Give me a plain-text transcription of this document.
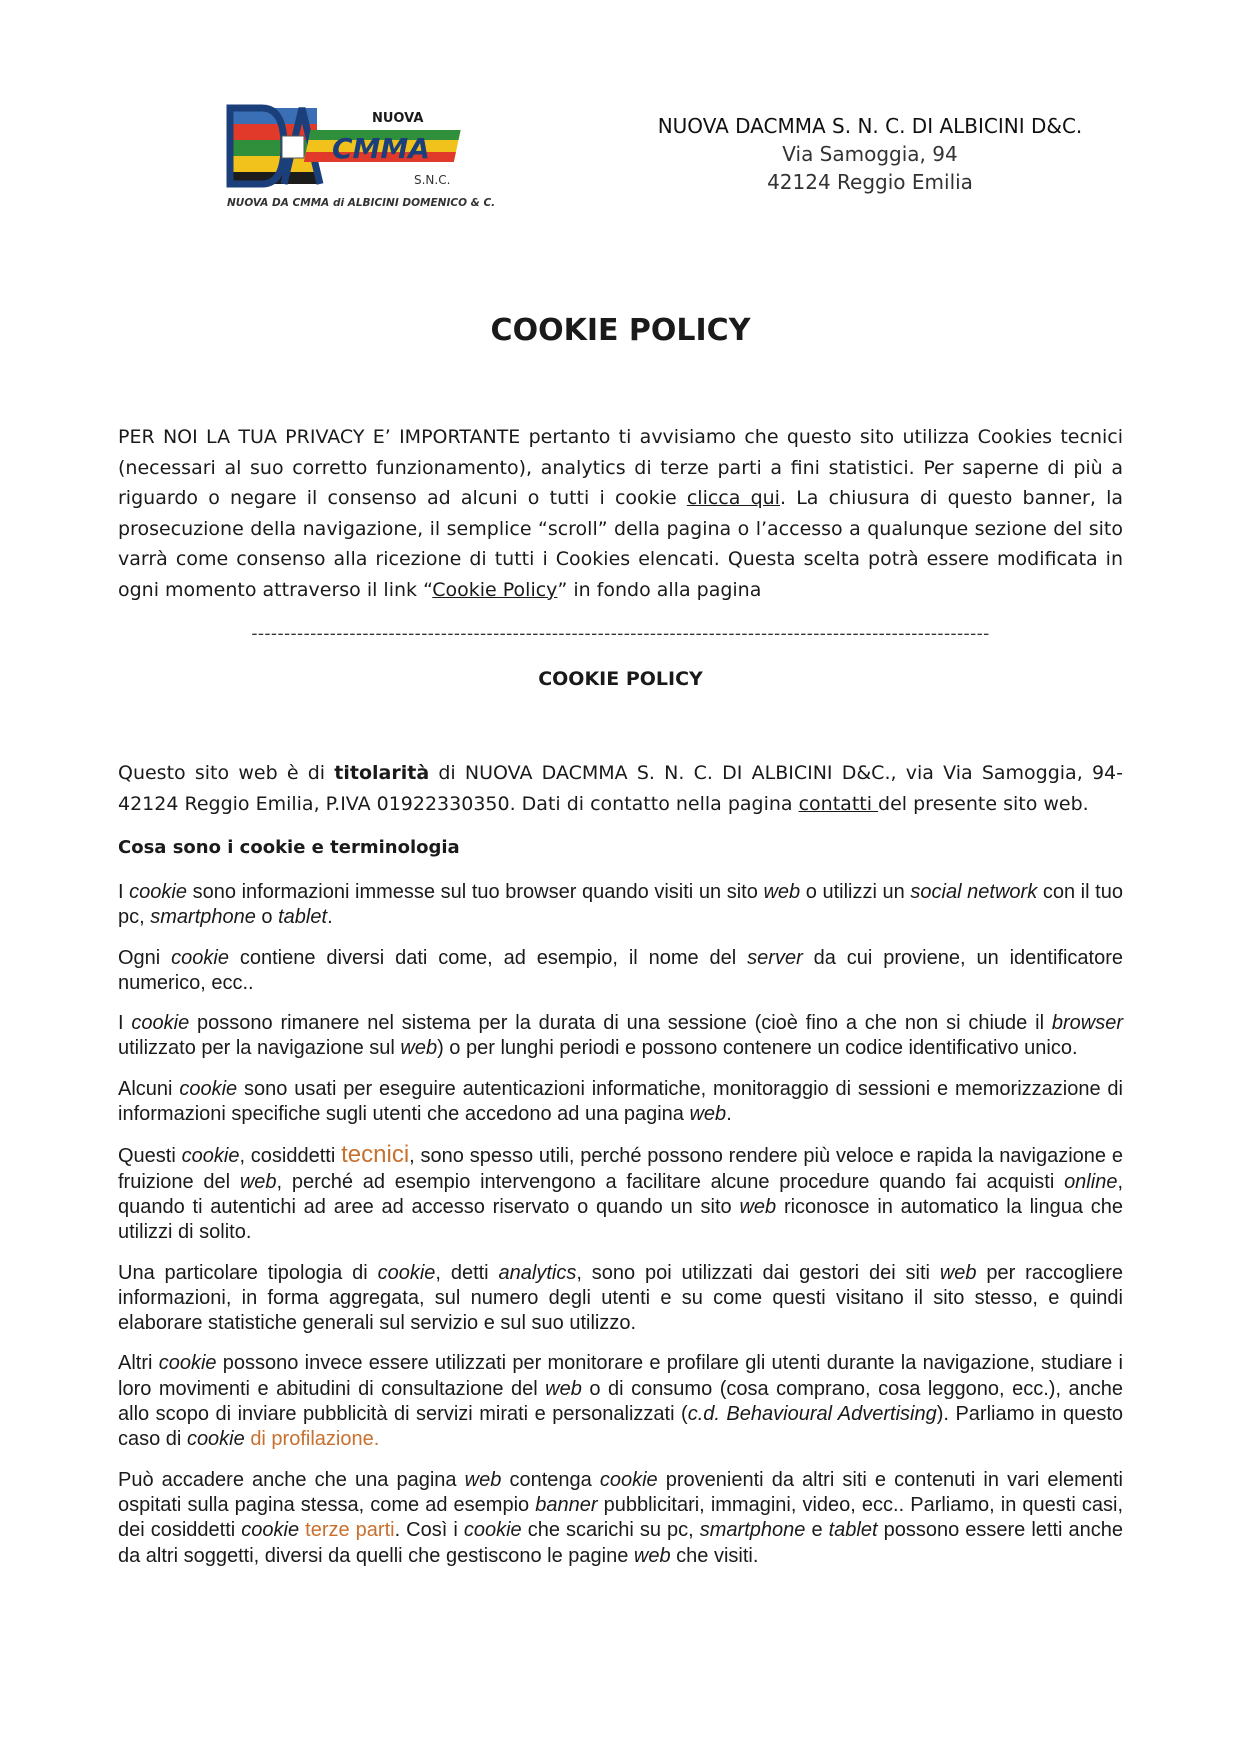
NUOVA
CMMA
S.N.C.
NUOVA DA CMMA di ALBICINI DOMENICO & C.
NUOVA DACMMA S. N. C. DI ALBICINI D&C.
Via Samoggia, 94
42124 Reggio Emilia
COOKIE POLICY
PER NOI LA TUA PRIVACY E’ IMPORTANTE pertanto ti avvisiamo che questo sito utilizza Cookies tecnici (necessari al suo corretto funzionamento), analytics di terze parti a fini statistici. Per saperne di più a riguardo o negare il consenso ad alcuni o tutti i cookie clicca qui. La chiusura di questo banner, la prosecuzione della navigazione, il semplice “scroll” della pagina o l’accesso a qualunque sezione del sito varrà come consenso alla ricezione di tutti i Cookies elencati. Questa scelta potrà essere modificata in ogni momento attraverso il link “Cookie Policy” in fondo alla pagina
-----------------------------------------------------------------------------------------------------------------
COOKIE POLICY
Questo sito web è di titolarità di NUOVA DACMMA S. N. C. DI ALBICINI D&C., via Via Samoggia, 94- 42124 Reggio Emilia, P.IVA 01922330350. Dati di contatto nella pagina contatti del presente sito web.
Cosa sono i cookie e terminologia

I cookie sono informazioni immesse sul tuo browser quando visiti un sito web o utilizzi un social network con il tuo pc, smartphone o tablet.

Ogni cookie contiene diversi dati come, ad esempio, il nome del server da cui proviene, un identificatore numerico, ecc..

I cookie possono rimanere nel sistema per la durata di una sessione (cioè fino a che non si chiude il browser utilizzato per la navigazione sul web) o per lunghi periodi e possono contenere un codice identificativo unico.

Alcuni cookie sono usati per eseguire autenticazioni informatiche, monitoraggio di sessioni e memorizzazione di informazioni specifiche sugli utenti che accedono ad una pagina web.

Questi cookie, cosiddetti tecnici, sono spesso utili, perché possono rendere più veloce e rapida la navigazione e fruizione del web, perché ad esempio intervengono a facilitare alcune procedure quando fai acquisti online, quando ti autentichi ad aree ad accesso riservato o quando un sito web riconosce in automatico la lingua che utilizzi di solito.

Una particolare tipologia di cookie, detti analytics, sono poi utilizzati dai gestori dei siti web per raccogliere informazioni, in forma aggregata, sul numero degli utenti e su come questi visitano il sito stesso, e quindi elaborare statistiche generali sul servizio e sul suo utilizzo.

Altri cookie possono invece essere utilizzati per monitorare e profilare gli utenti durante la navigazione, studiare i loro movimenti e abitudini di consultazione del web o di consumo (cosa comprano, cosa leggono, ecc.), anche allo scopo di inviare pubblicità di servizi mirati e personalizzati (c.d. Behavioural Advertising). Parliamo in questo caso di cookie di profilazione.

Può accadere anche che una pagina web contenga cookie provenienti da altri siti e contenuti in vari elementi ospitati sulla pagina stessa, come ad esempio banner pubblicitari, immagini, video, ecc.. Parliamo, in questi casi, dei cosiddetti cookie terze parti. Così i cookie che scarichi su pc, smartphone e tablet possono essere letti anche da altri soggetti, diversi da quelli che gestiscono le pagine web che visiti.
